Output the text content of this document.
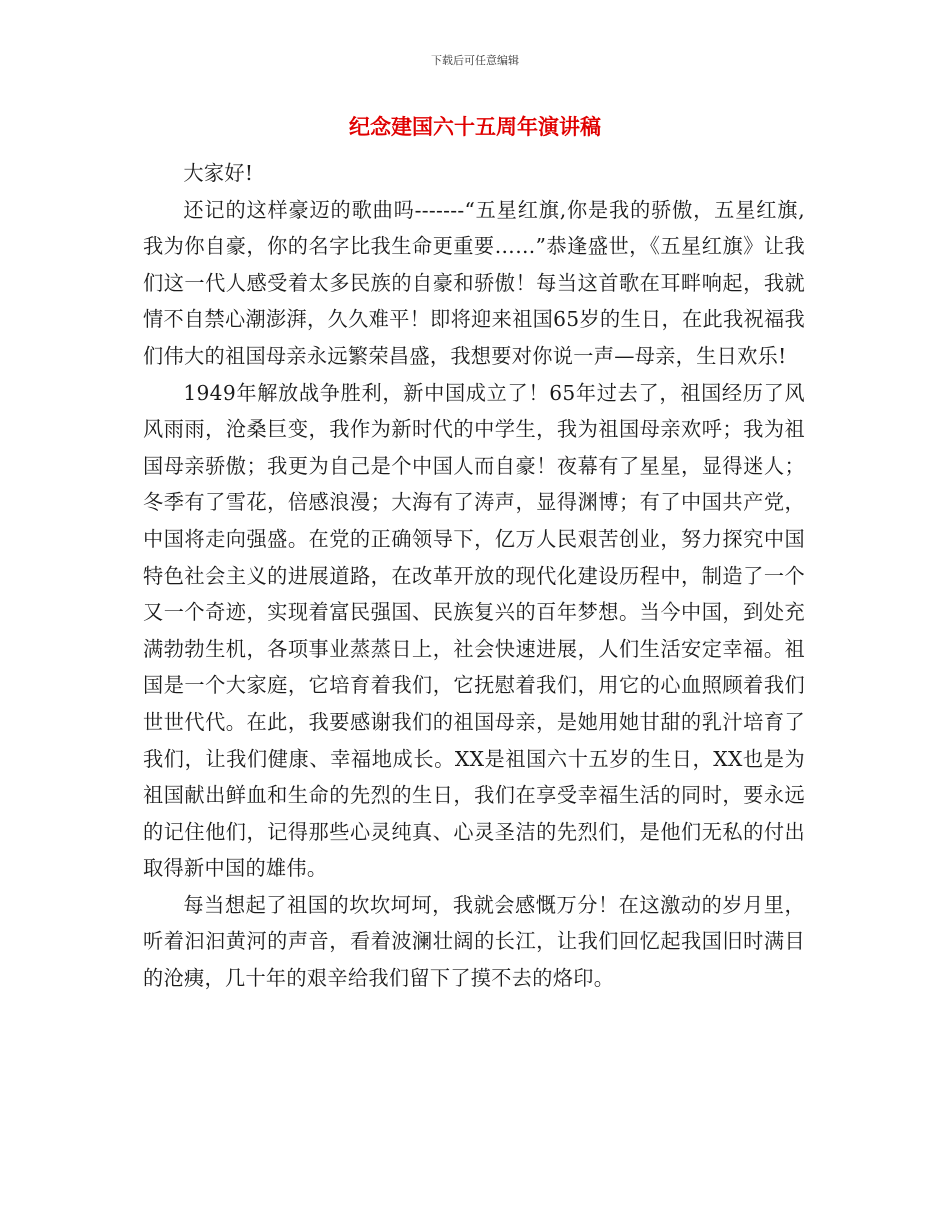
下载后可任意编辑
纪念建国六十五周年演讲稿

大家好!

还记的这样豪迈的歌曲吗-------“五星红旗,你是我的骄傲，五星红旗,我为你自豪，你的名字比我生命更重要……”恭逢盛世，《五星红旗》让我们这一代人感受着太多民族的自豪和骄傲！每当这首歌在耳畔响起，我就情不自禁心潮澎湃，久久难平！即将迎来祖国65岁的生日，在此我祝福我们伟大的祖国母亲永远繁荣昌盛，我想要对你说一声—母亲，生日欢乐!

1949年解放战争胜利，新中国成立了！65年过去了，祖国经历了风风雨雨，沧桑巨变，我作为新时代的中学生，我为祖国母亲欢呼；我为祖国母亲骄傲；我更为自己是个中国人而自豪！夜幕有了星星，显得迷人；冬季有了雪花，倍感浪漫；大海有了涛声，显得渊博；有了中国共产党，中国将走向强盛。在党的正确领导下，亿万人民艰苦创业，努力探究中国特色社会主义的进展道路，在改革开放的现代化建设历程中，制造了一个又一个奇迹，实现着富民强国、民族复兴的百年梦想。当今中国，到处充满勃勃生机，各项事业蒸蒸日上，社会快速进展，人们生活安定幸福。祖国是一个大家庭，它培育着我们，它抚慰着我们，用它的心血照顾着我们世世代代。在此，我要感谢我们的祖国母亲，是她用她甘甜的乳汁培育了我们，让我们健康、幸福地成长。XX是祖国六十五岁的生日，XX也是为祖国献出鲜血和生命的先烈的生日，我们在享受幸福生活的同时，要永远的记住他们，记得那些心灵纯真、心灵圣洁的先烈们，是他们无私的付出取得新中国的雄伟。

每当想起了祖国的坎坎坷坷，我就会感慨万分！在这激动的岁月里，听着汩汩黄河的声音，看着波澜壮阔的长江，让我们回忆起我国旧时满目的沧痍，几十年的艰辛给我们留下了摸不去的烙印。
